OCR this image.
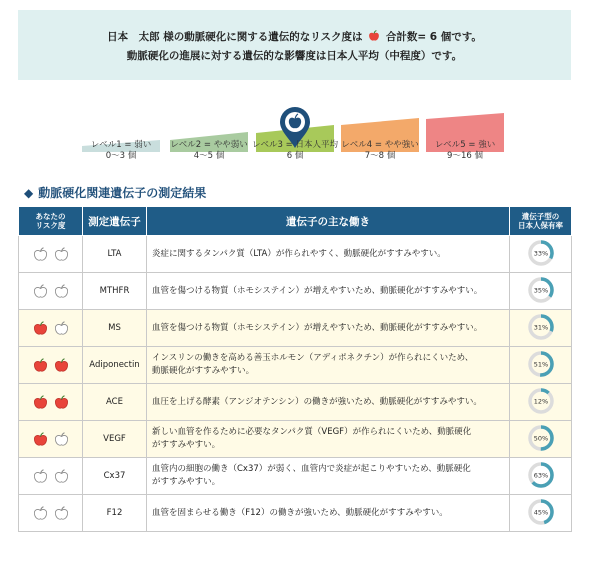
日本　太郎 様の動脈硬化に関する遺伝的なリスク度は 合計数= 6 個です。
動脈硬化の進展に対する遺伝的な影響度は日本人平均（中程度）です。
レベル1 = 弱い
0～3 個
レベル2 = やや弱い
4～5 個
レベル3 = 日本人平均
6 個
レベル4 = やや強い
7～8 個
レベル5 = 強い
9～16 個
◆ 動脈硬化関連遺伝子の測定結果
あなたの
リスク度	測定遺伝子	遺伝子の主な働き	遺伝子型の
日本人保有率
	LTA	炎症に関するタンパク質（LTA）が作られやすく、動脈硬化がすすみやすい。	33%

	MTHFR	血管を傷つける物質（ホモシステイン）が増えやすいため、動脈硬化がすすみやすい。	35%

	MS	血管を傷つける物質（ホモシステイン）が増えやすいため、動脈硬化がすすみやすい。	31%

	Adiponectin	インスリンの働きを高める善玉ホルモン（アディポネクチン）が作られにくいため、
動脈硬化がすすみやすい。	51%

	ACE	血圧を上げる酵素（アンジオテンシン）の働きが強いため、動脈硬化がすすみやすい。	12%

	VEGF	新しい血管を作るために必要なタンパク質（VEGF）が作られにくいため、動脈硬化
がすすみやすい。	50%

	Cx37	血管内の細胞の働き（Cx37）が弱く、血管内で炎症が起こりやすいため、動脈硬化
がすすみやすい。	63%

	F12	血管を固まらせる働き（F12）の働きが強いため、動脈硬化がすすみやすい。	45%
